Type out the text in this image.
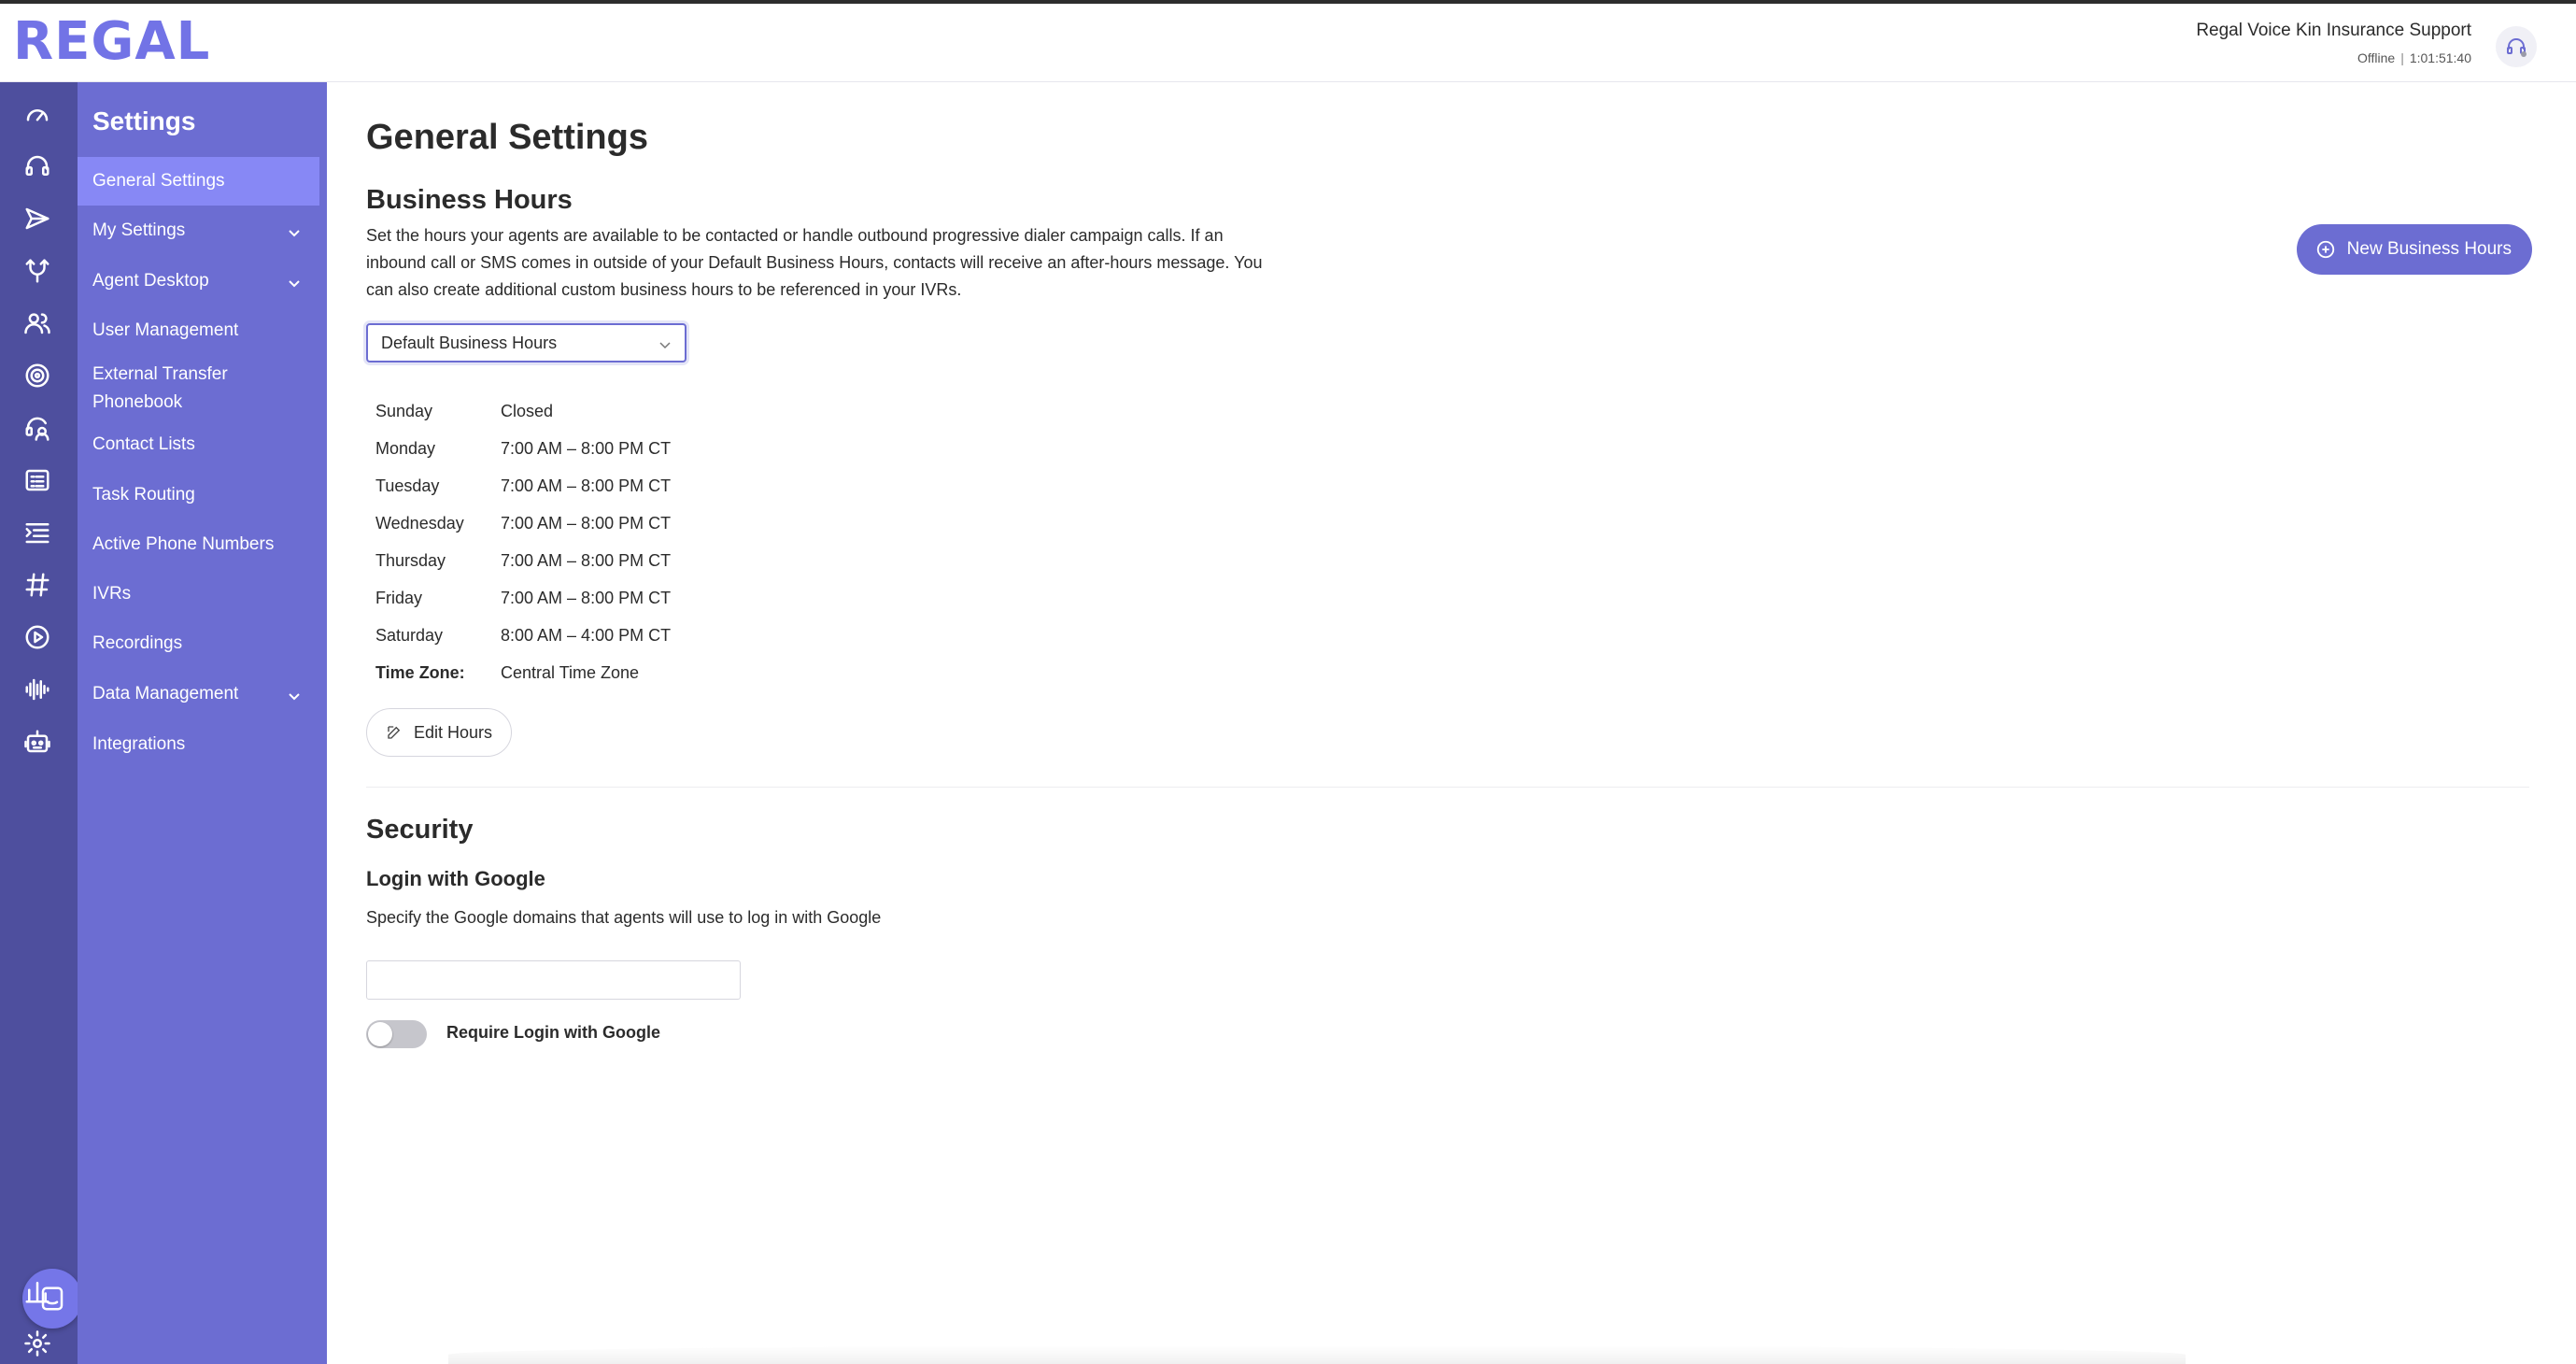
REGAL	Regal Voice Kin Insurance Support
Offline | 1:01:51:40
Settings
General Settings
My Settings
Agent Desktop
User Management
External Transfer Phonebook
Contact Lists
Task Routing
Active Phone Numbers
IVRs
Recordings
Data Management
Integrations
General Settings
Business Hours
Set the hours your agents are available to be contacted or handle outbound progressive dialer campaign calls. If an inbound call or SMS comes in outside of your Default Business Hours, contacts will receive an after-hours message. You can also create additional custom business hours to be referenced in your IVRs.
New Business Hours
Default Business Hours
Sunday	Closed
Monday	7:00 AM – 8:00 PM CT
Tuesday	7:00 AM – 8:00 PM CT
Wednesday	7:00 AM – 8:00 PM CT
Thursday	7:00 AM – 8:00 PM CT
Friday	7:00 AM – 8:00 PM CT
Saturday	8:00 AM – 4:00 PM CT
Time Zone:	Central Time Zone
Edit Hours
Security
Login with Google
Specify the Google domains that agents will use to log in with Google
Require Login with Google
